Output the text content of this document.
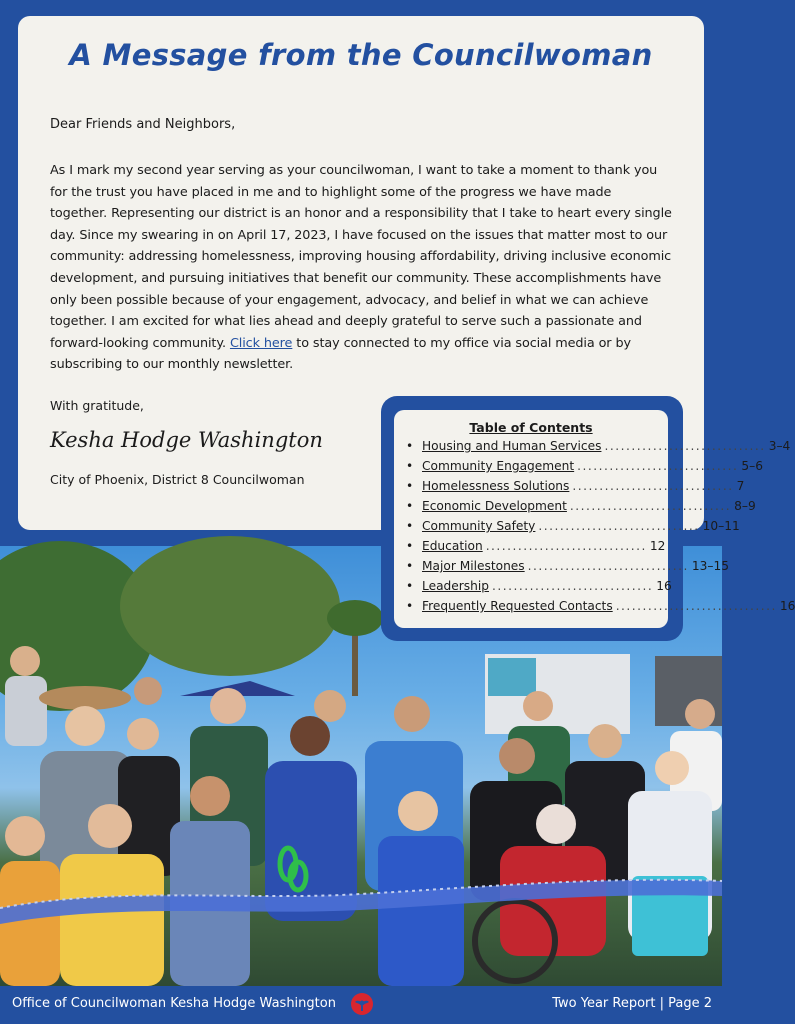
A Message from the Councilwoman

Dear Friends and Neighbors,

As I mark my second year serving as your councilwoman, I want to take a moment to thank you for the trust you have placed in me and to highlight some of the progress we have made together. Representing our district is an honor and a responsibility that I take to heart every single day. Since my swearing in on April 17, 2023, I have focused on the issues that matter most to our community: addressing homelessness, improving housing affordability, driving inclusive economic development, and pursuing initiatives that benefit our community. These accomplishments have only been possible because of your engagement, advocacy, and belief in what we can achieve together. I am excited for what lies ahead and deeply grateful to serve such a passionate and forward-looking community. Click here to stay connected to my office via social media or by subscribing to our monthly newsletter.

With gratitude,

Kesha Hodge Washington

City of Phoenix, District 8 Councilwoman

Table of Contents

• Housing and Human Services .............................. 3–4
• Community Engagement .............................. 5–6
• Homelessness Solutions .............................. 7
• Economic Development .............................. 8–9
• Community Safety .............................. 10–11
• Education .............................. 12
• Major Milestones .............................. 13–15
• Leadership .............................. 16
• Frequently Requested Contacts .............................. 16

Office of Councilwoman Kesha Hodge Washington	Two Year Report | Page 2
